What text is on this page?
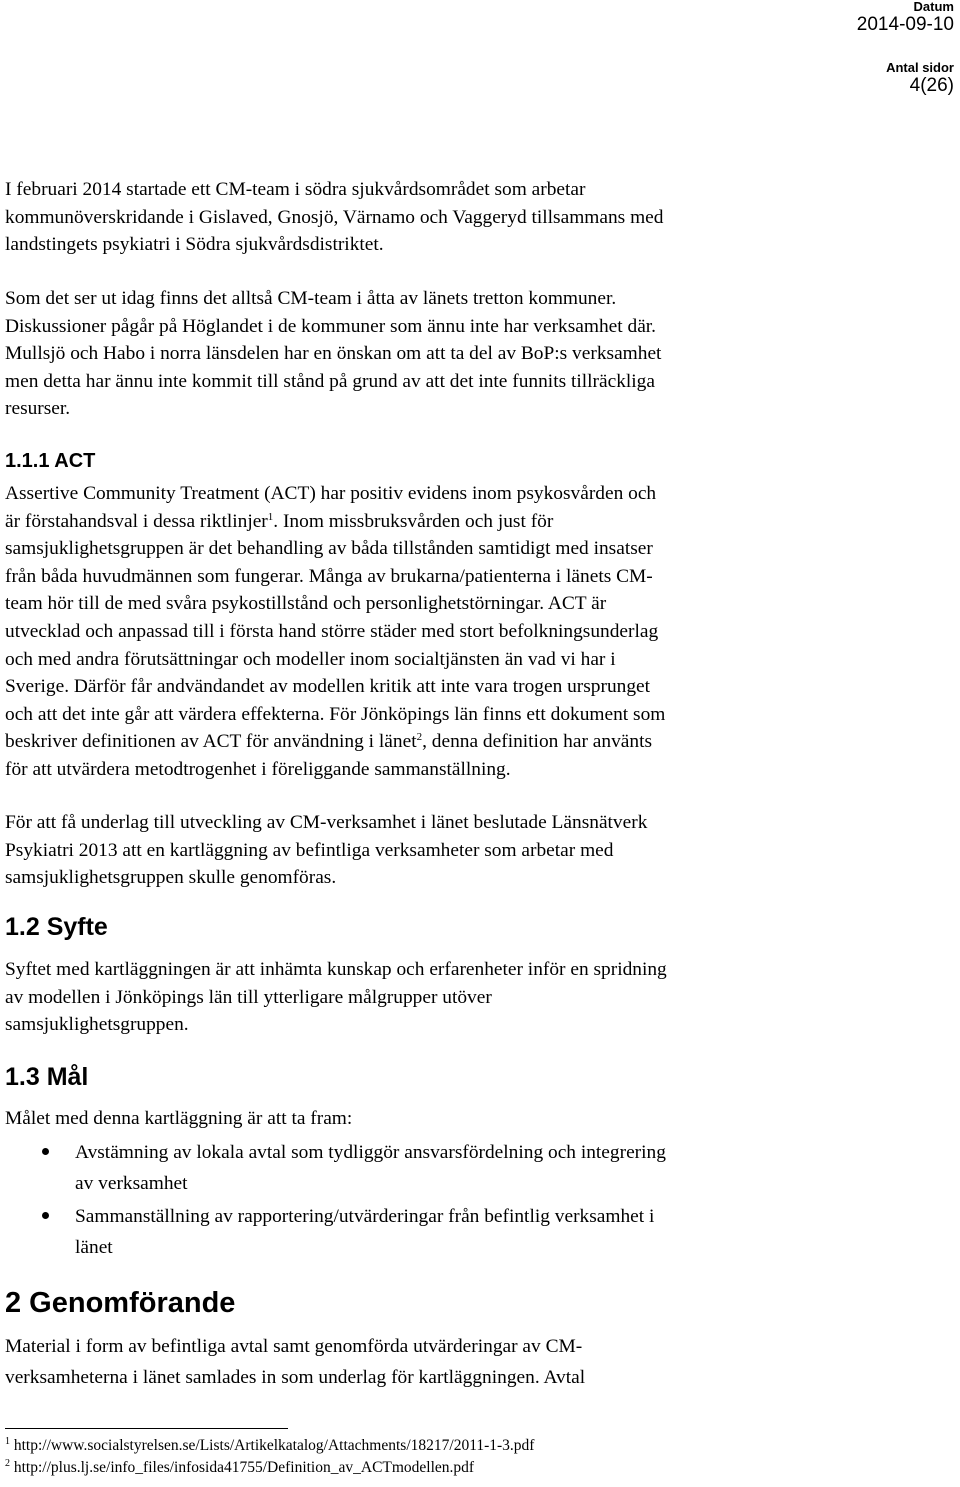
Datum
2014-09-10
Antal sidor
4(26)

I februari 2014 startade ett CM-team i södra sjukvårdsområdet som arbetar
kommunöverskridande i Gislaved, Gnosjö, Värnamo och Vaggeryd tillsammans med
landstingets psykiatri i Södra sjukvårdsdistriktet.

Som det ser ut idag finns det alltså CM-team i åtta av länets tretton kommuner.
Diskussioner pågår på Höglandet i de kommuner som ännu inte har verksamhet där.
Mullsjö och Habo i norra länsdelen har en önskan om att ta del av BoP:s verksamhet
men detta har ännu inte kommit till stånd på grund av att det inte funnits tillräckliga
resurser.

1.1.1 ACT

Assertive Community Treatment (ACT) har positiv evidens inom psykosvården och
är förstahandsval i dessa riktlinjer$^1$. Inom missbruksvården och just för
samsjuklighetsgruppen är det behandling av båda tillstånden samtidigt med insatser
från båda huvudmännen som fungerar. Många av brukarna/patienterna i länets CM-
team hör till de med svåra psykostillstånd och personlighetstörningar. ACT är
utvecklad och anpassad till i första hand större städer med stort befolkningsunderlag
och med andra förutsättningar och modeller inom socialtjänsten än vad vi har i
Sverige. Därför får andvändandet av modellen kritik att inte vara trogen ursprunget
och att det inte går att värdera effekterna. För Jönköpings län finns ett dokument som
beskriver definitionen av ACT för användning i länet$^2$, denna definition har använts
för att utvärdera metodtrogenhet i föreliggande sammanställning.

För att få underlag till utveckling av CM-verksamhet i länet beslutade Länsnätverk
Psykiatri 2013 att en kartläggning av befintliga verksamheter som arbetar med
samsjuklighetsgruppen skulle genomföras.

1.2 Syfte

Syftet med kartläggningen är att inhämta kunskap och erfarenheter inför en spridning
av modellen i Jönköpings län till ytterligare målgrupper utöver
samsjuklighetsgruppen.

1.3 Mål

Målet med denna kartläggning är att ta fram:

Avstämning av lokala avtal som tydliggör ansvarsfördelning och integrering
av verksamhet

Sammanställning av rapportering/utvärderingar från befintlig verksamhet i
länet

2 Genomförande

Material i form av befintliga avtal samt genomförda utvärderingar av CM-
verksamheterna i länet samlades in som underlag för kartläggningen. Avtal

$^1$ http://www.socialstyrelsen.se/Lists/Artikelkatalog/Attachments/18217/2011-1-3.pdf
$^2$ http://plus.lj.se/info_files/infosida41755/Definition_av_ACTmodellen.pdf
